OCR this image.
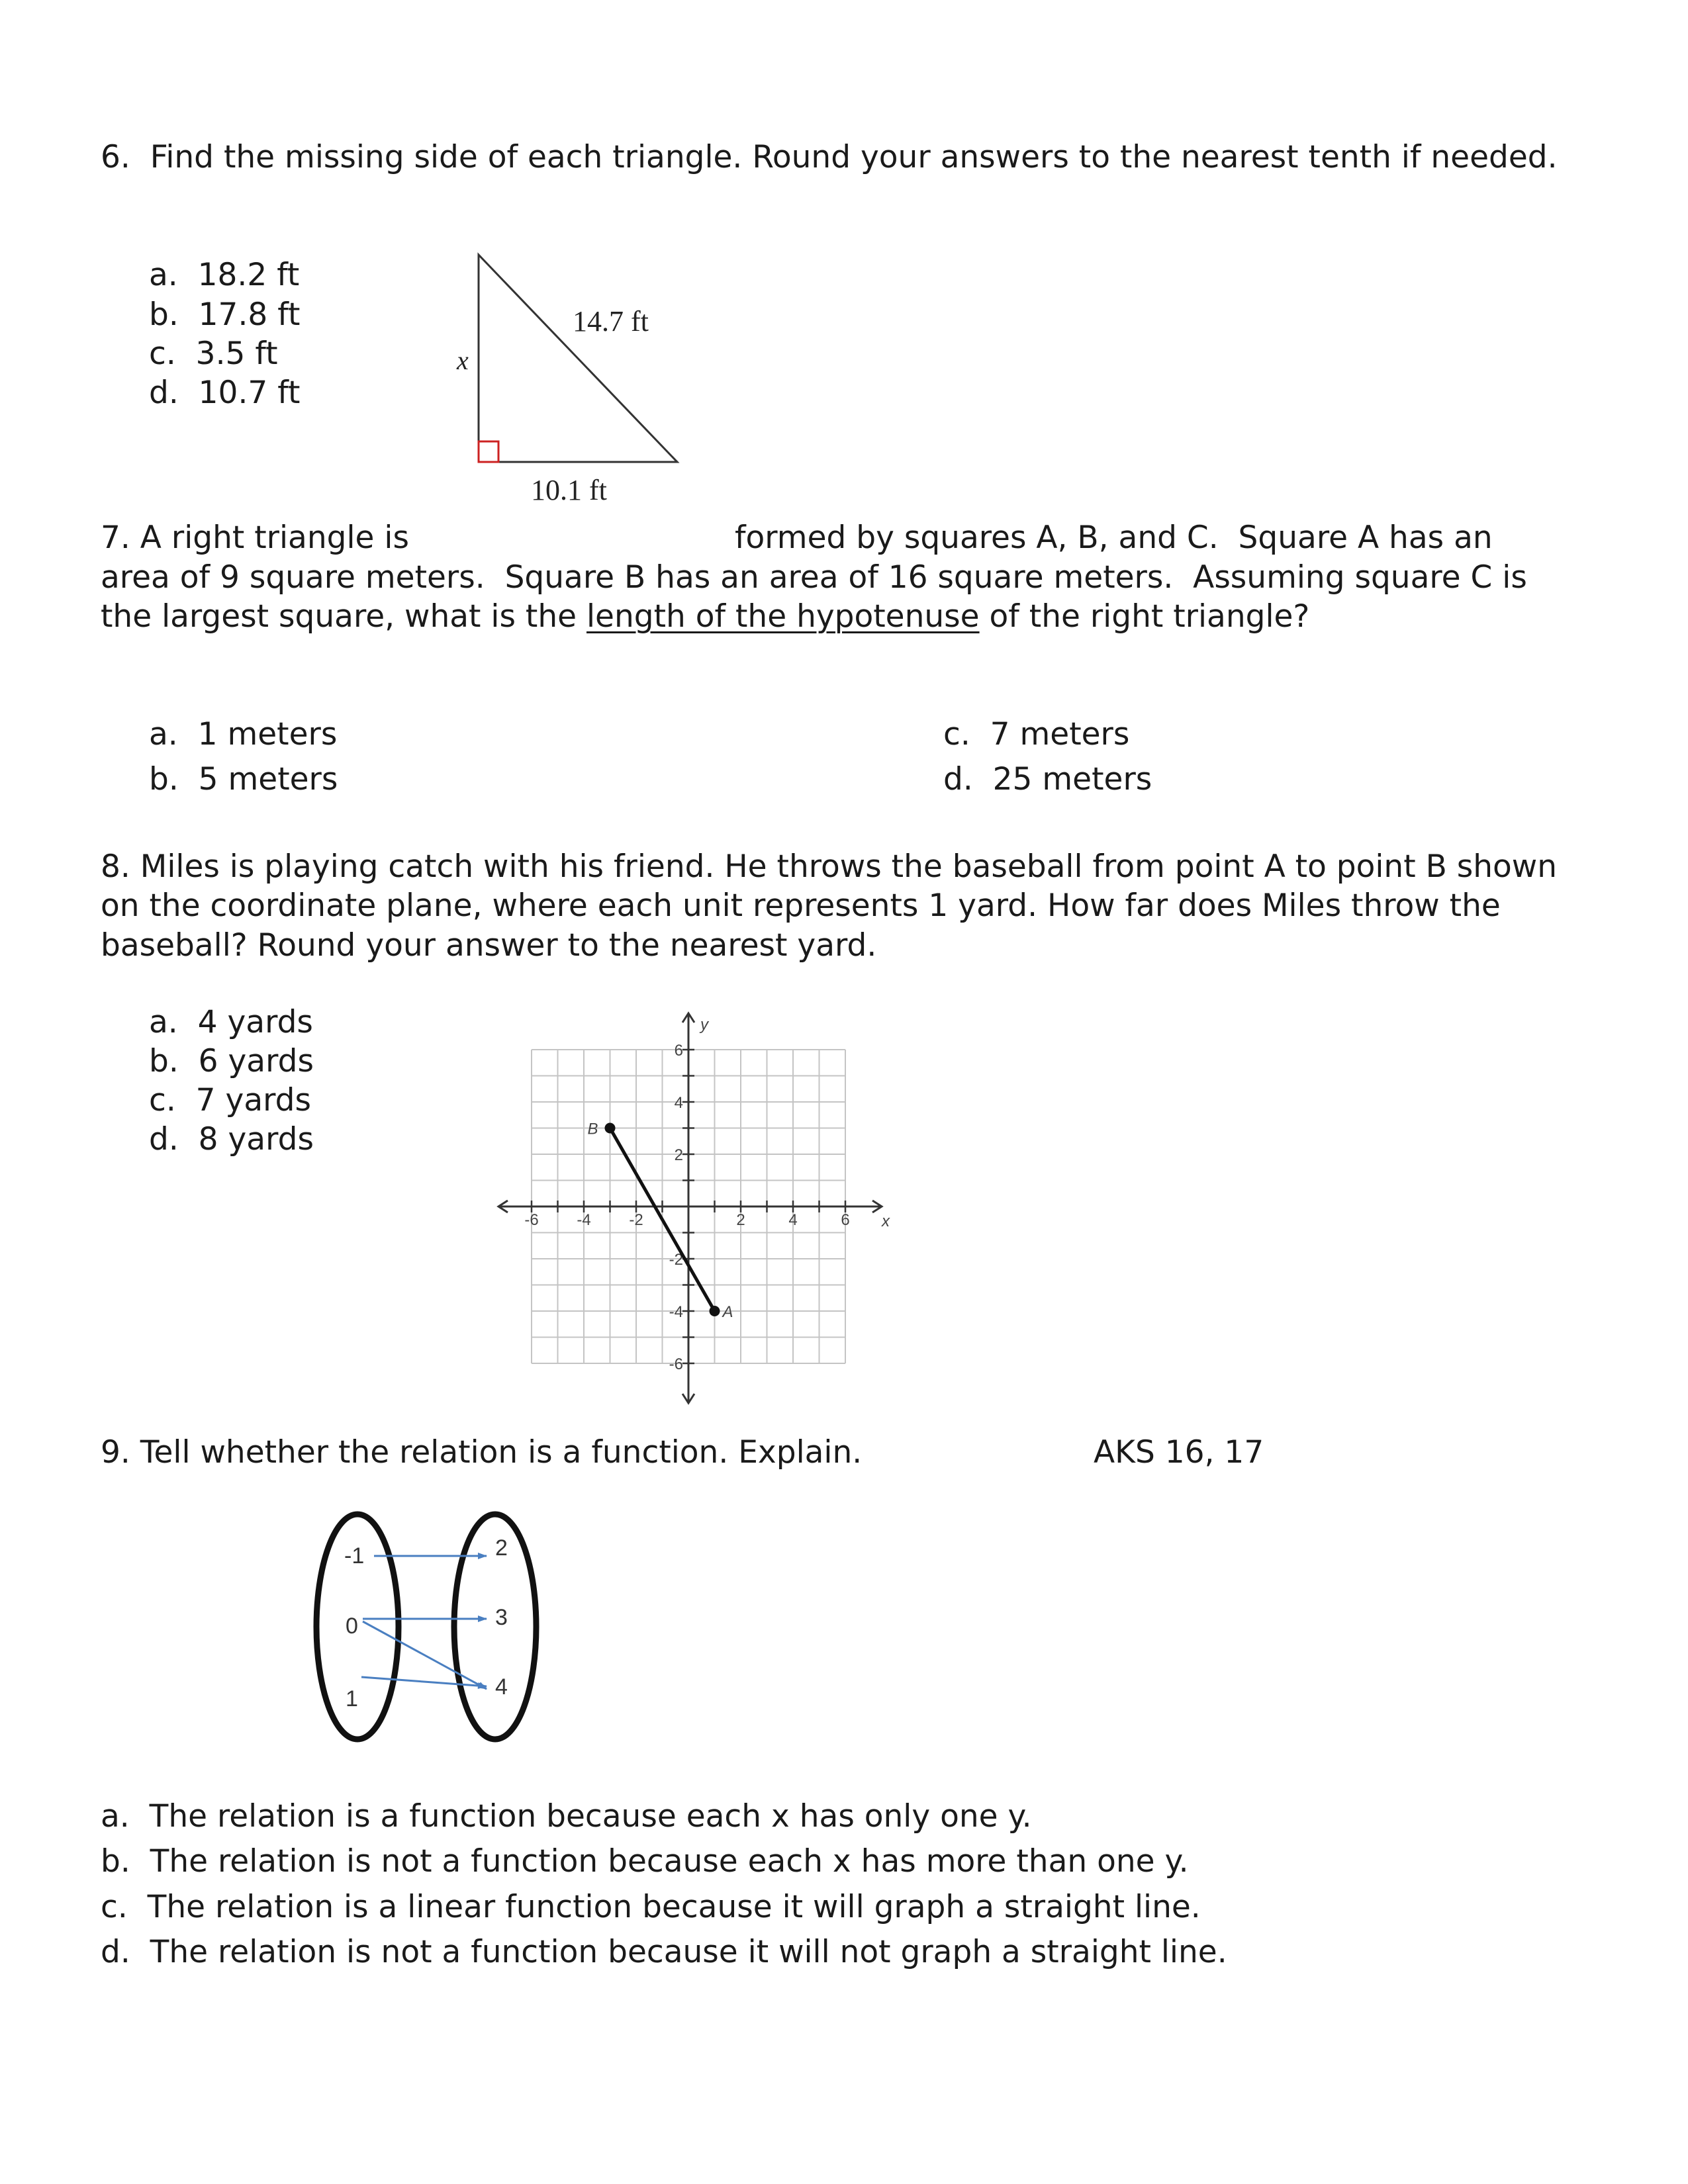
6.  Find the missing side of each triangle. Round your answers to the nearest tenth if needed.
a.  18.2 ft
b.  17.8 ft
c.  3.5 ft
d.  10.7 ft
x
14.7 ft
10.1 ft
7. A right triangle is	formed by squares A, B, and C.  Square A has an
area of 9 square meters.  Square B has an area of 16 square meters.  Assuming square C is
the largest square, what is the length of the hypotenuse of the right triangle?
a.  1 meters
b.  5 meters
c.  7 meters
d.  25 meters
8. Miles is playing catch with his friend. He throws the baseball from point A to point B shown
on the coordinate plane, where each unit represents 1 yard. How far does Miles throw the
baseball? Round your answer to the nearest yard.
a.  4 yards
b.  6 yards
c.  7 yards
d.  8 yards
-6 -4 -2	2	4	6
6
4
2
-2
-4
-6
x
y
B
A
9. Tell whether the relation is a function. Explain.	AKS 16, 17
-1
0
1
2
3
4
a.  The relation is a function because each x has only one y.
b.  The relation is not a function because each x has more than one y.
c.  The relation is a linear function because it will graph a straight line.
d.  The relation is not a function because it will not graph a straight line.
